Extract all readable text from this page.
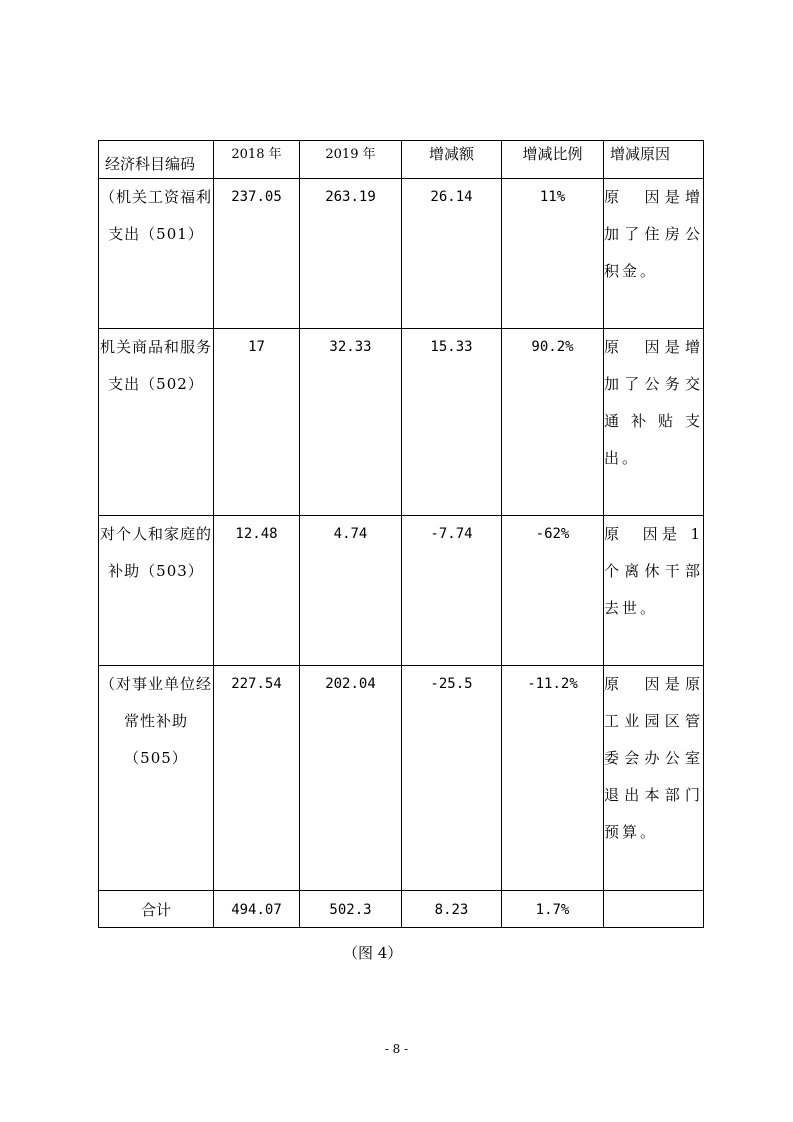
经济科目编码	2018 年	2019 年	增减额	增减比例	增减原因
（机关工资福利支出（501）	237.05	263.19	26.14	11%	原　因是增加了住房公积金。
机关商品和服务支出（502）	17	32.33	15.33	90.2%	原　因是增加了公务交通补贴支出。
对个人和家庭的补助（503）	12.48	4.74	-7.74	-62%	原　因是 1 个离休干部去世。
（对事业单位经常性补助（505）	227.54	202.04	-25.5	-11.2%	原　因是原工业园区管委会办公室退出本部门预算。
合计	494.07	502.3	8.23	1.7%	
（图 4）
- 8 -
